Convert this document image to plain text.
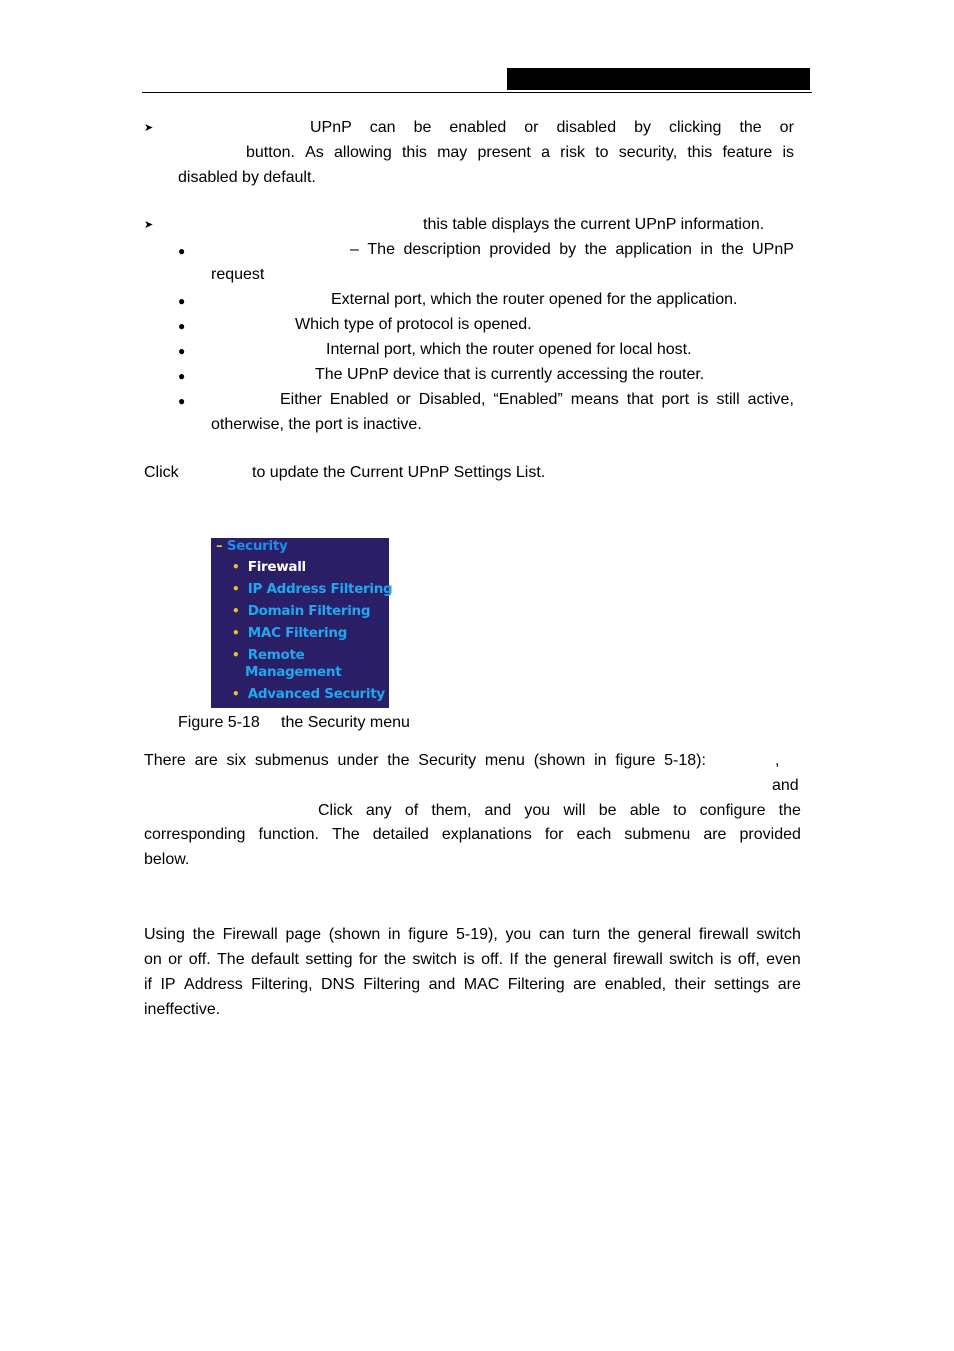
➤	UPnP can be enabled or disabled by clicking the or
button. As allowing this may present a risk to security, this feature is
disabled by default.
➤	this table displays the current UPnP information.
●	– The description provided by the application in the UPnP
request
●	External port, which the router opened for the application.
●	Which type of protocol is opened.
●	Internal port, which the router opened for local host.
●	The UPnP device that is currently accessing the router.
●	Either Enabled or Disabled, “Enabled” means that port is still active,
otherwise, the port is inactive.
Click	to update the Current UPnP Settings List.
– Security
• Firewall
• IP Address Filtering
• Domain Filtering
• MAC Filtering
• Remote
Management
• Advanced Security
Figure 5-18 the Security menu
There are six submenus under the Security menu (shown in figure 5-18):	,
and
Click any of them, and you will be able to configure the
corresponding function. The detailed explanations for each submenu are provided
below.
Using the Firewall page (shown in figure 5-19), you can turn the general firewall switch
on or off. The default setting for the switch is off. If the general firewall switch is off, even
if IP Address Filtering, DNS Filtering and MAC Filtering are enabled, their settings are
ineffective.
